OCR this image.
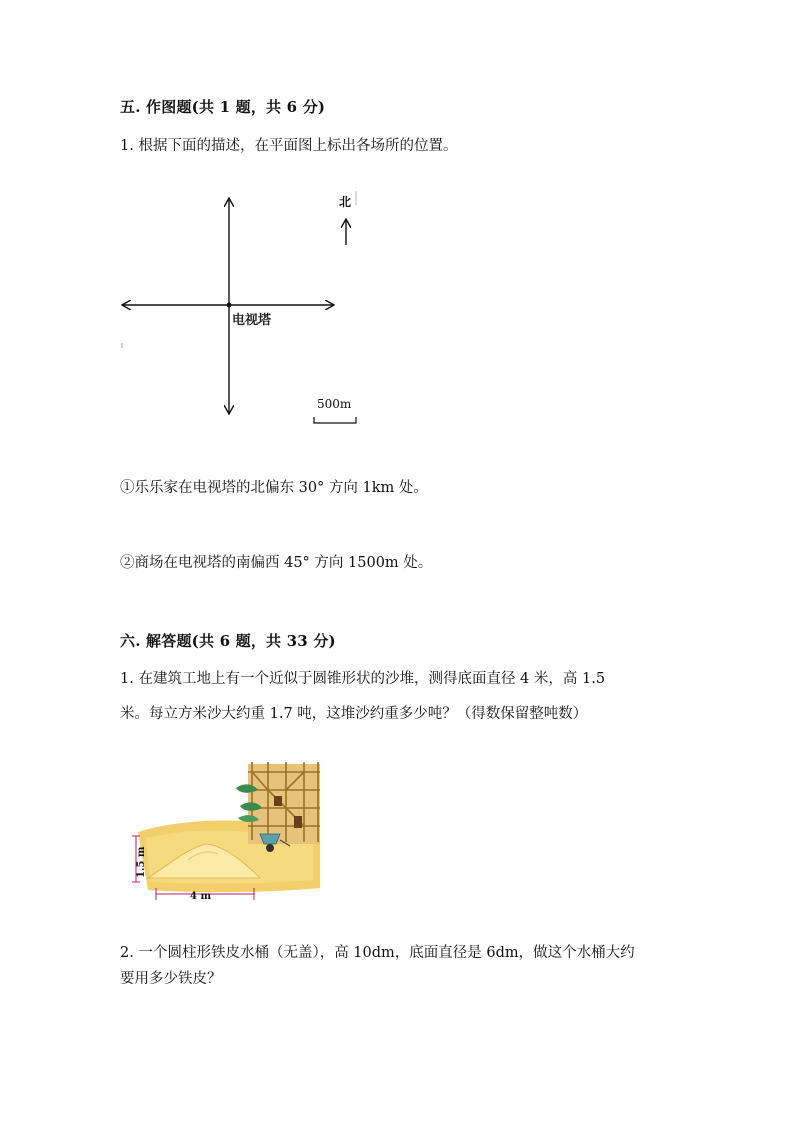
五. 作图题(共 1 题，共 6 分)
1. 根据下面的描述，在平面图上标出各场所的位置。
电视塔
北
500m
①乐乐家在电视塔的北偏东 30° 方向 1km 处。
②商场在电视塔的南偏西 45° 方向 1500m 处。
六. 解答题(共 6 题，共 33 分)
1. 在建筑工地上有一个近似于圆锥形状的沙堆，测得底面直径 4 米，高 1.5
米。每立方米沙大约重 1.7 吨，这堆沙约重多少吨？（得数保留整吨数）
1.5 m
4 m
2. 一个圆柱形铁皮水桶（无盖），高 10dm，底面直径是 6dm，做这个水桶大约
要用多少铁皮？
